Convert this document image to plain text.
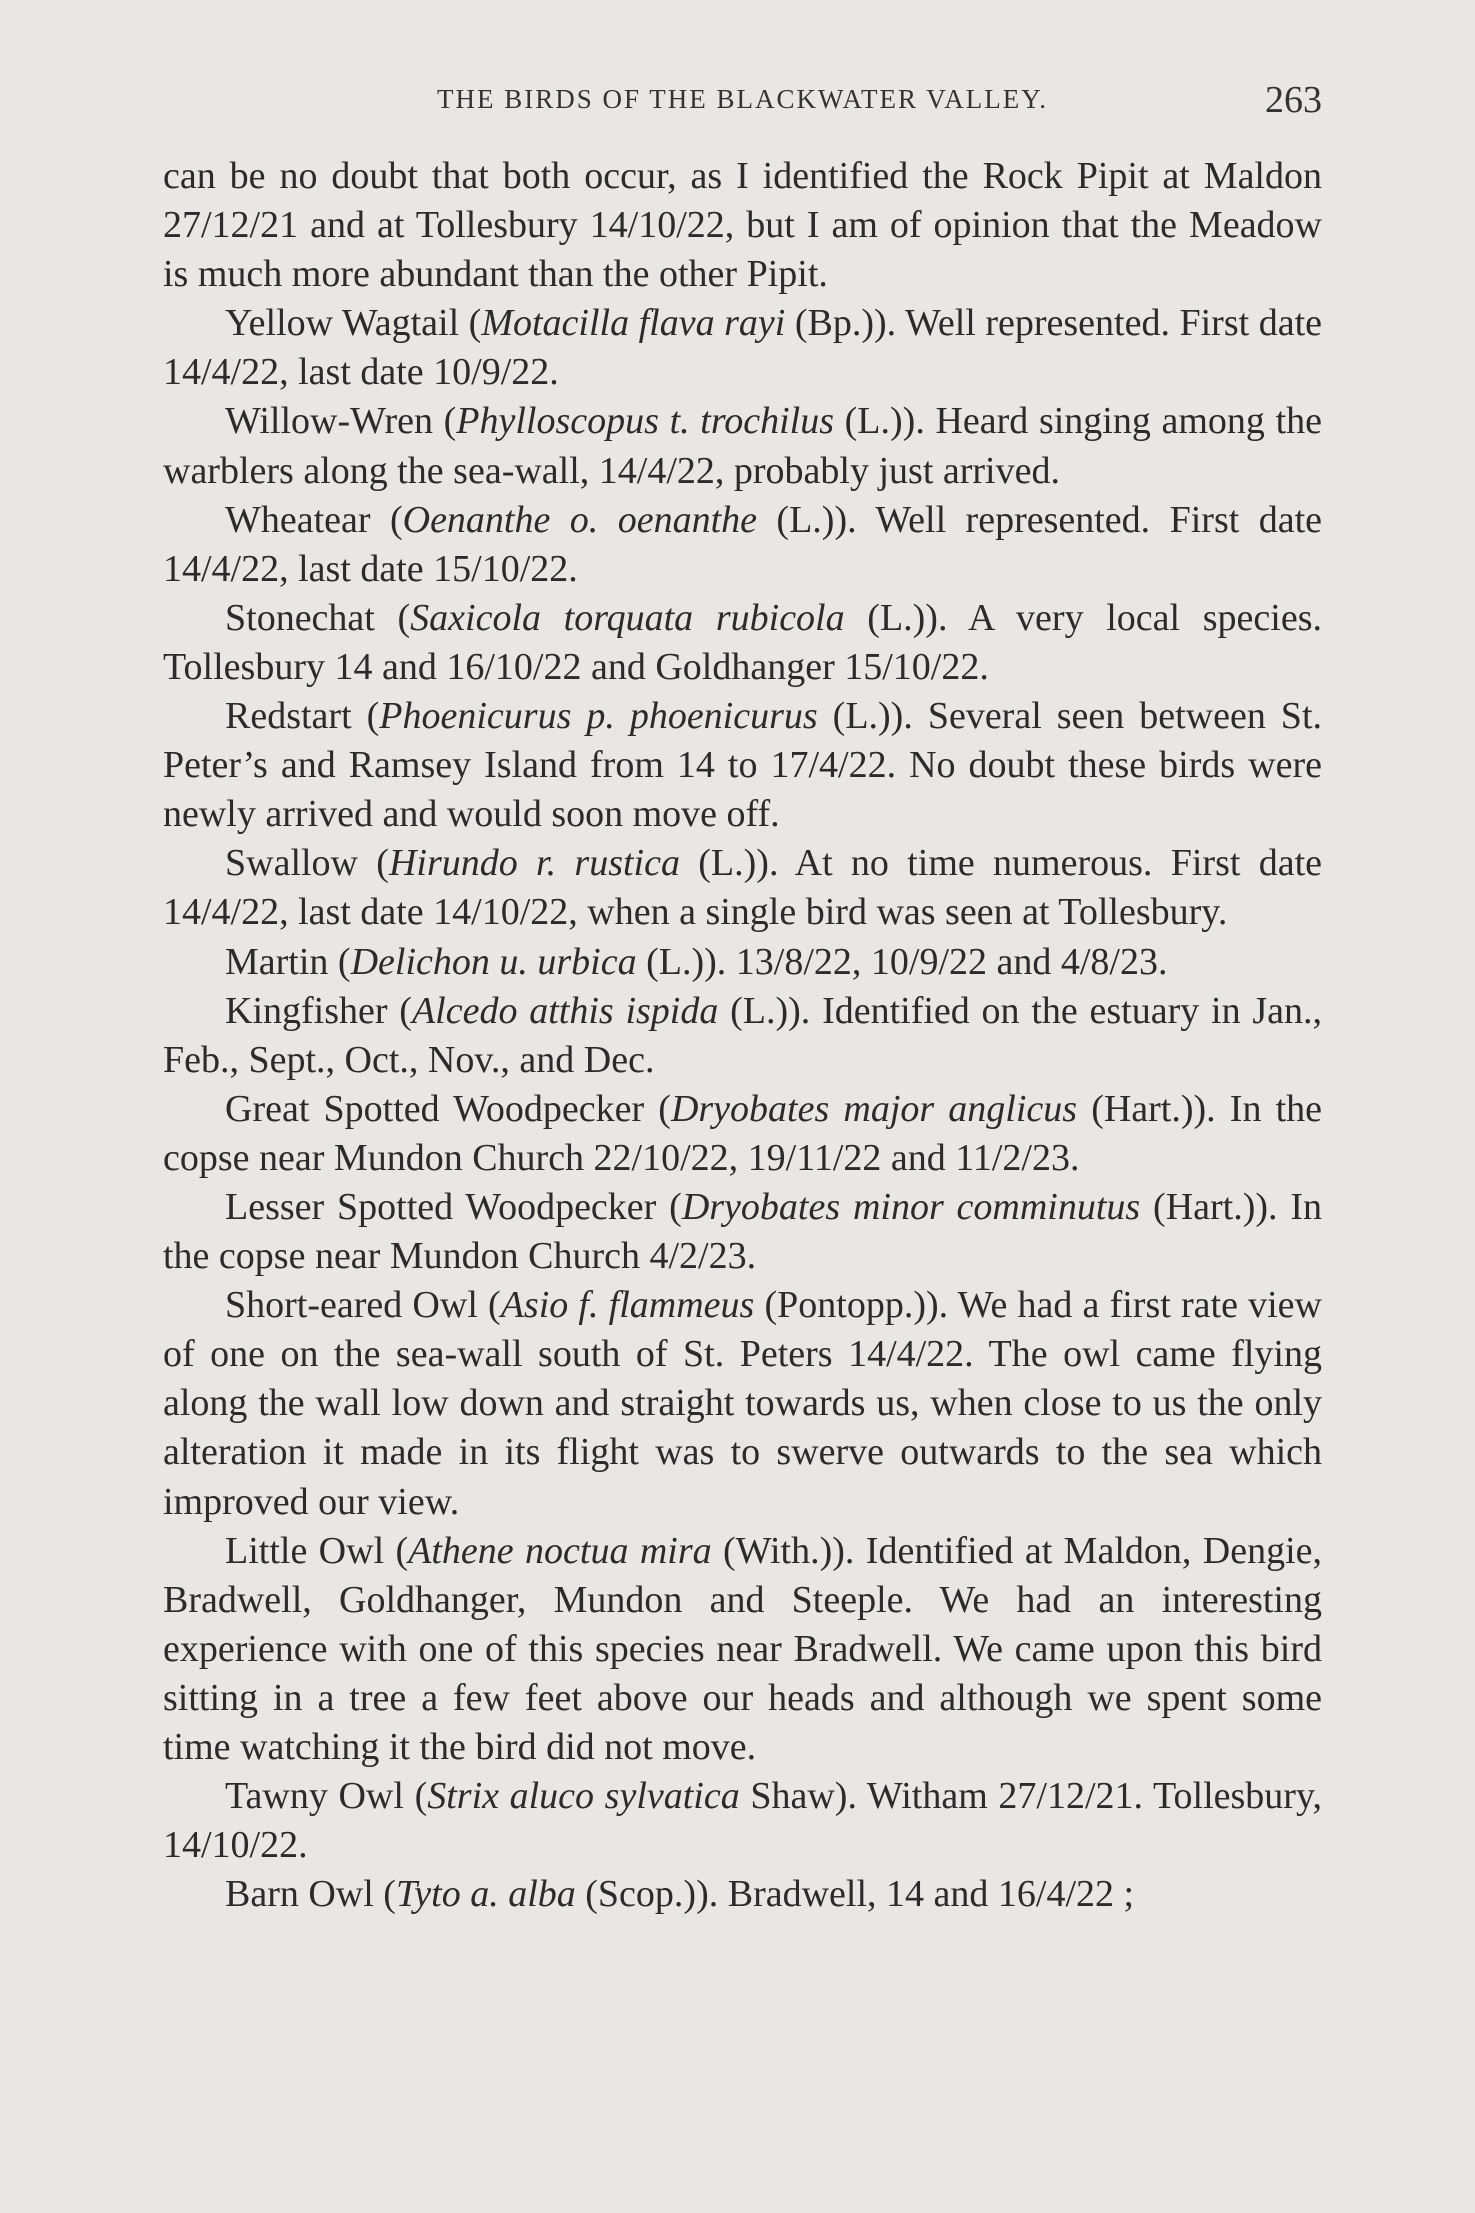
THE BIRDS OF THE BLACKWATER VALLEY.	263

can be no doubt that both occur, as I identified the Rock Pipit at Maldon 27/12/21 and at Tollesbury 14/10/22, but I am of opinion that the Meadow is much more abundant than the other Pipit.

Yellow Wagtail (Motacilla flava rayi (Bp.)). Well represented. First date 14/4/22, last date 10/9/22.

Willow-Wren (Phylloscopus t. trochilus (L.)). Heard singing among the warblers along the sea-wall, 14/4/22, probably just arrived.

Wheatear (Oenanthe o. oenanthe (L.)). Well represented. First date 14/4/22, last date 15/10/22.

Stonechat (Saxicola torquata rubicola (L.)). A very local species. Tollesbury 14 and 16/10/22 and Goldhanger 15/10/22.

Redstart (Phoenicurus p. phoenicurus (L.)). Several seen between St. Peter’s and Ramsey Island from 14 to 17/4/22. No doubt these birds were newly arrived and would soon move off.

Swallow (Hirundo r. rustica (L.)). At no time numerous. First date 14/4/22, last date 14/10/22, when a single bird was seen at Tollesbury.

Martin (Delichon u. urbica (L.)). 13/8/22, 10/9/22 and 4/8/23.

Kingfisher (Alcedo atthis ispida (L.)). Identified on the estuary in Jan., Feb., Sept., Oct., Nov., and Dec.

Great Spotted Woodpecker (Dryobates major anglicus (Hart.)). In the copse near Mundon Church 22/10/22, 19/11/22 and 11/2/23.

Lesser Spotted Woodpecker (Dryobates minor comminutus (Hart.)). In the copse near Mundon Church 4/2/23.

Short-eared Owl (Asio f. flammeus (Pontopp.)). We had a first rate view of one on the sea-wall south of St. Peters 14/4/22. The owl came flying along the wall low down and straight towards us, when close to us the only alteration it made in its flight was to swerve outwards to the sea which improved our view.

Little Owl (Athene noctua mira (With.)). Identified at Maldon, Dengie, Bradwell, Goldhanger, Mundon and Steeple. We had an interesting experience with one of this species near Bradwell. We came upon this bird sitting in a tree a few feet above our heads and although we spent some time watching it the bird did not move.

Tawny Owl (Strix aluco sylvatica Shaw). Witham 27/12/21. Tollesbury, 14/10/22.

Barn Owl (Tyto a. alba (Scop.)). Bradwell, 14 and 16/4/22 ;
